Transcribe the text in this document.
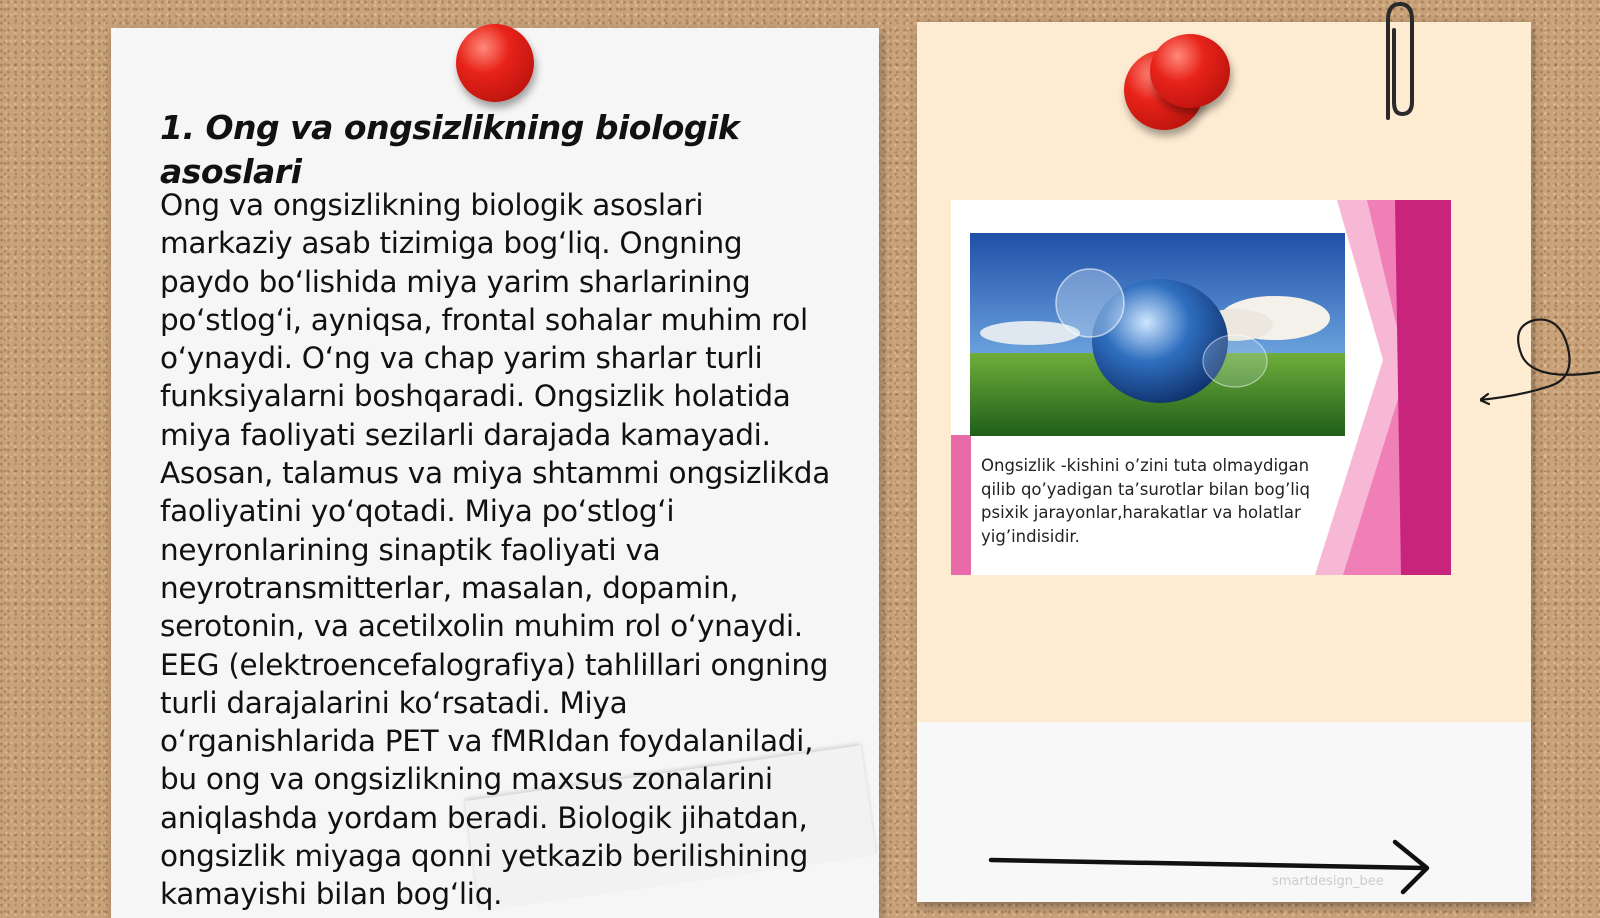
1. Ong va ongsizlikning biologik asoslari

Ong va ongsizlikning biologik asoslari markaziy asab tizimiga bog‘liq. Ongning paydo bo‘lishida miya yarim sharlarining po‘stlog‘i, ayniqsa, frontal sohalar muhim rol o‘ynaydi. O‘ng va chap yarim sharlar turli funksiyalarni boshqaradi. Ongsizlik holatida miya faoliyati sezilarli darajada kamayadi. Asosan, talamus va miya shtammi ongsizlikda faoliyatini yo‘qotadi. Miya po‘stlog‘i neyronlarining sinaptik faoliyati va neyrotransmitterlar, masalan, dopamin, serotonin, va acetilxolin muhim rol o‘ynaydi. EEG (elektroencefalografiya) tahlillari ongning turli darajalarini ko‘rsatadi. Miya o‘rganishlarida PET va fMRIdan foydalaniladi, bu ong va ongsizlikning maxsus zonalarini aniqlashda yordam beradi. Biologik jihatdan, ongsizlik miyaga qonni yetkazib berilishining kamayishi bilan bog‘liq.

Ongsizlik -kishini o’zini tuta olmaydigan qilib qo’yadigan ta’surotlar bilan bog’liq psixik jarayonlar,harakatlar va holatlar yig’indisidir.

smartdesign_bee
